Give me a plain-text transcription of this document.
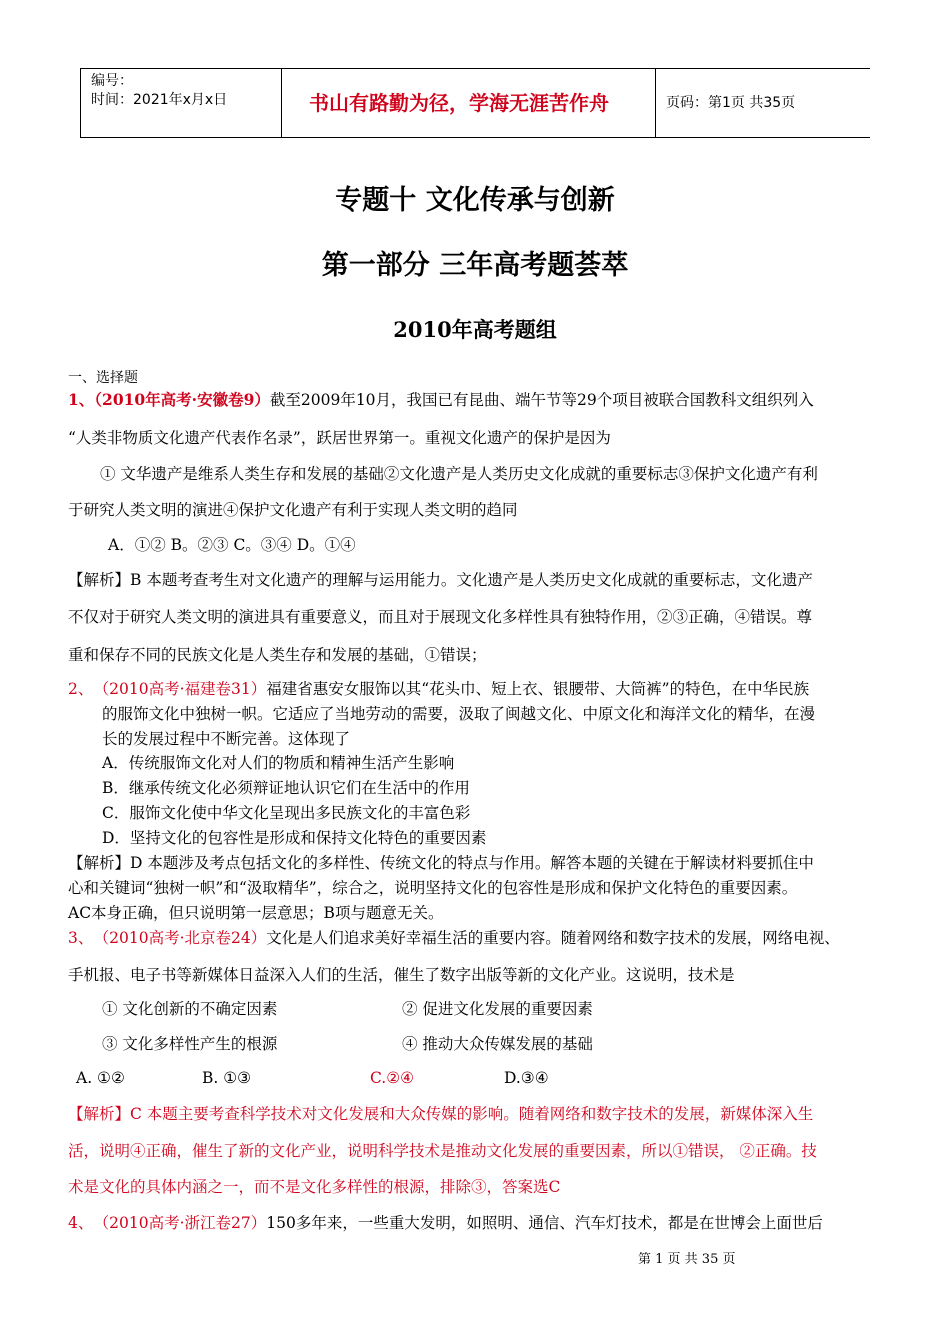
编号：
时间：2021年x月x日	书山有路勤为径，学海无涯苦作舟	页码：第1页 共35页
专题十 文化传承与创新
第一部分 三年高考题荟萃
2010年高考题组
一、选择题
1、（2010年高考·安徽卷9）截至2009年10月，我国已有昆曲、端午节等29个项目被联合国教科文组织列入
“人类非物质文化遗产代表作名录”，跃居世界第一。重视文化遗产的保护是因为
① 文华遗产是维系人类生存和发展的基础②文化遗产是人类历史文化成就的重要标志③保护文化遗产有利
于研究人类文明的演进④保护文化遗产有利于实现人类文明的趋同
A．①② B。②③ C。③④ D。①④
【解析】B 本题考查考生对文化遗产的理解与运用能力。文化遗产是人类历史文化成就的重要标志，文化遗产
不仅对于研究人类文明的演进具有重要意义，而且对于展现文化多样性具有独特作用，②③正确，④错误。尊
重和保存不同的民族文化是人类生存和发展的基础，①错误；
2、 （2010高考·福建卷31）福建省惠安女服饰以其“花头巾、短上衣、银腰带、大筒裤”的特色，在中华民族
的服饰文化中独树一帜。它适应了当地劳动的需要，汲取了闽越文化、中原文化和海洋文化的精华，在漫
长的发展过程中不断完善。这体现了
A．传统服饰文化对人们的物质和精神生活产生影响
B．继承传统文化必须辩证地认识它们在生活中的作用
C．服饰文化使中华文化呈现出多民族文化的丰富色彩
D．坚持文化的包容性是形成和保持文化特色的重要因素
【解析】D 本题涉及考点包括文化的多样性、传统文化的特点与作用。解答本题的关键在于解读材料要抓住中
心和关键词“独树一帜”和“汲取精华”，综合之，说明坚持文化的包容性是形成和保护文化特色的重要因素。
AC本身正确，但只说明第一层意思；B项与题意无关。
3、 （2010高考·北京卷24）文化是人们追求美好幸福生活的重要内容。随着网络和数字技术的发展，网络电视、
手机报、电子书等新媒体日益深入人们的生活，催生了数字出版等新的文化产业。这说明，技术是
① 文化创新的不确定因素	② 促进文化发展的重要因素
③ 文化多样性产生的根源	④ 推动大众传媒发展的基础
A. ①②	B. ①③	C.②④	D.③④
【解析】C 本题主要考查科学技术对文化发展和大众传媒的影响。随着网络和数字技术的发展，新媒体深入生
活，说明④正确，催生了新的文化产业，说明科学技术是推动文化发展的重要因素，所以①错误， ②正确。技
术是文化的具体内涵之一，而不是文化多样性的根源，排除③，答案选C
4、 （2010高考·浙江卷27）150多年来，一些重大发明，如照明、通信、汽车灯技术，都是在世博会上面世后
第 1 页 共 35 页
